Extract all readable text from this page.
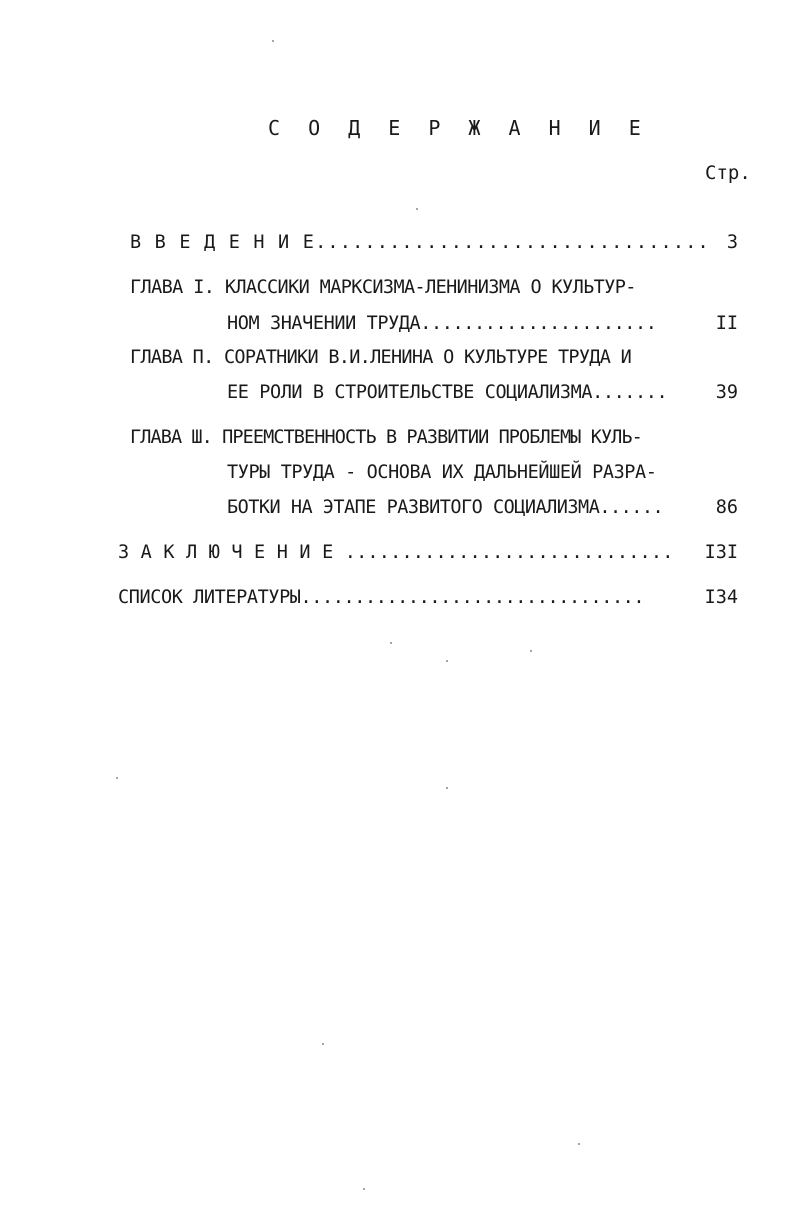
С О Д Е Р Ж А Н И Е
Стр.
В В Е Д Е Н И Е................................ 3
ГЛАВА I. КЛАССИКИ МАРКСИЗМА-ЛЕНИНИЗМА О КУЛЬТУР-
НОМ ЗНАЧЕНИИ ТРУДА......................	II
ГЛАВА П. СОРАТНИКИ В.И.ЛЕНИНА О КУЛЬТУРЕ ТРУДА И
ЕЕ РОЛИ В СТРОИТЕЛЬСТВЕ СОЦИАЛИЗМА.......	39
ГЛАВА Ш. ПРЕЕМСТВЕННОСТЬ В РАЗВИТИИ ПРОБЛЕМЫ КУЛЬ-
ТУРЫ ТРУДА - ОСНОВА ИХ ДАЛЬНЕЙШЕЙ РАЗРА-
БОТКИ НА ЭТАПЕ РАЗВИТОГО СОЦИАЛИЗМА......	86
З А К Л Ю Ч Е Н И Е .............................	I3I
СПИСОК ЛИТЕРАТУРЫ................................	I34
